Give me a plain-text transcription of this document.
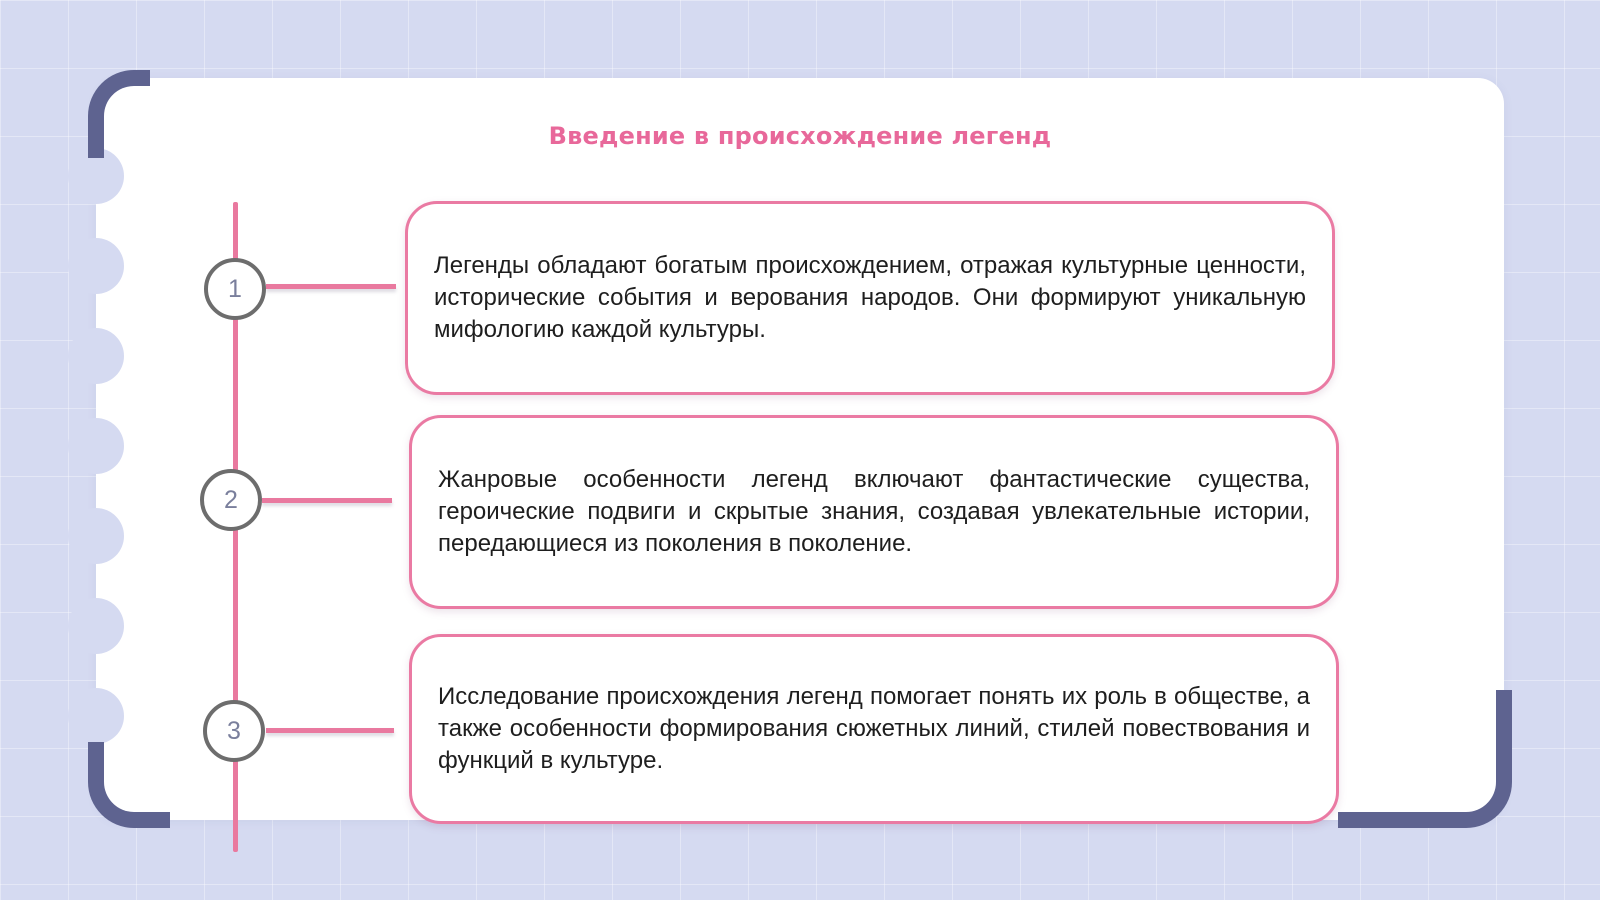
Введение в происхождение легенд
1

Легенды обладают богатым происхождением, отражая культурные ценности, исторические события и верования народов. Они формируют уникальную мифологию каждой культуры.

2

Жанровые особенности легенд включают фантастические существа, героические подвиги и скрытые знания, создавая увлекательные истории, передающиеся из поколения в поколение.

3

Исследование происхождения легенд помогает понять их роль в обществе, а также особенности формирования сюжетных линий, стилей повествования и функций в культуре.
